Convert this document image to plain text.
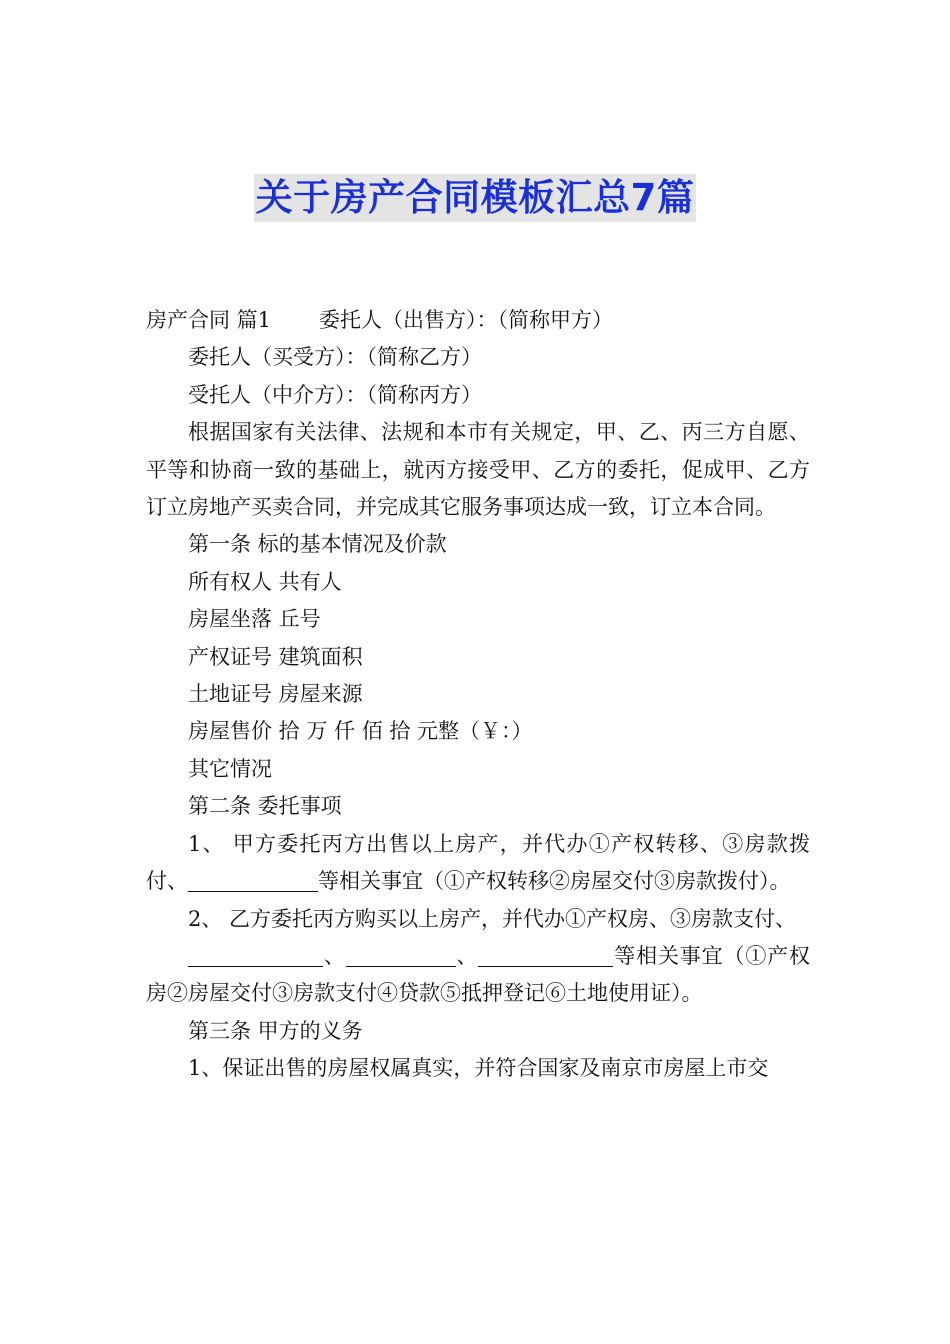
关于房产合同模板汇总7篇

房产合同 篇1 委托人（出售方）：（简称甲方）

委托人（买受方）：（简称乙方）

受托人（中介方）：（简称丙方）

根据国家有关法律、法规和本市有关规定，甲、乙、丙三方自愿、平等和协商一致的基础上，就丙方接受甲、乙方的委托，促成甲、乙方订立房地产买卖合同，并完成其它服务事项达成一致，订立本合同。

第一条 标的基本情况及价款

所有权人 共有人

房屋坐落 丘号

产权证号 建筑面积

土地证号 房屋来源

房屋售价 拾 万 仟 佰 拾 元整（￥：）

其它情况

第二条 委托事项

1、 甲方委托丙方出售以上房产，并代办①产权转移、③房款拨付、	等相关事宜（①产权转移②房屋交付③房款拨付）。

2、 乙方委托丙方购买以上房产，并代办①产权房、③房款支付、

、	、	等相关事宜（①产权房②房屋交付③房款支付④贷款⑤抵押登记⑥土地使用证）。

第三条 甲方的义务

1、保证出售的房屋权属真实，并符合国家及南京市房屋上市交
